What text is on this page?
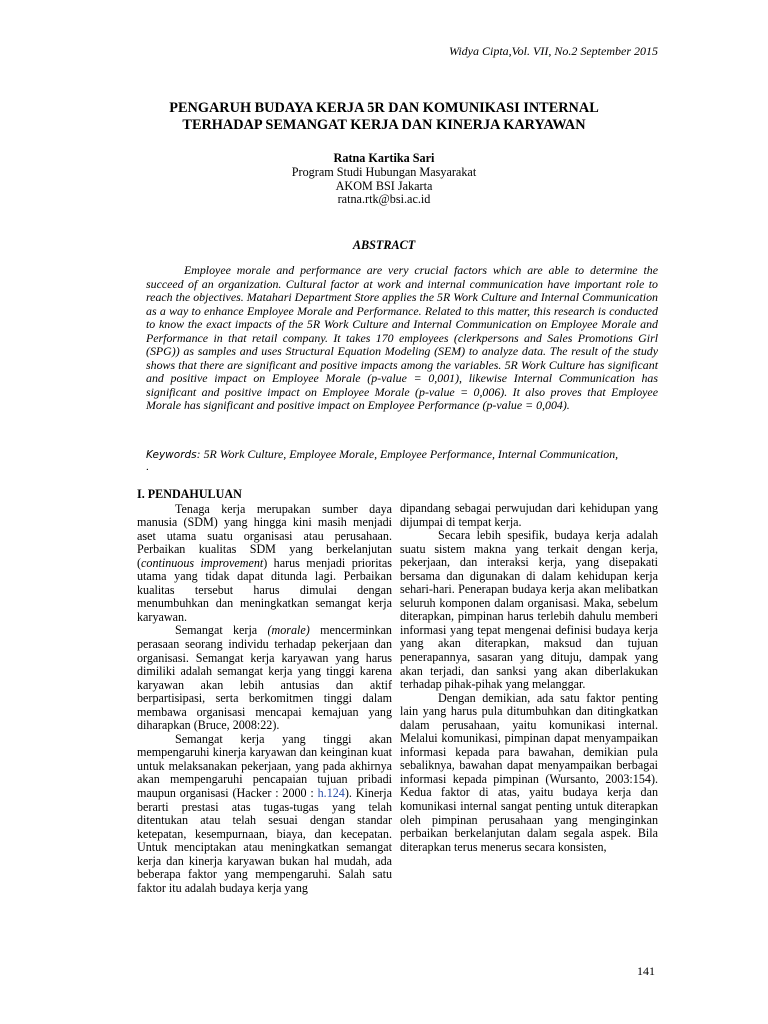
Widya Cipta,Vol. VII, No.2 September 2015
PENGARUH BUDAYA KERJA 5R DAN KOMUNIKASI INTERNAL
TERHADAP SEMANGAT KERJA DAN KINERJA KARYAWAN
Ratna Kartika Sari
Program Studi Hubungan Masyarakat
AKOM BSI Jakarta
ratna.rtk@bsi.ac.id
ABSTRACT

Employee morale and performance are very crucial factors which are able to determine the succeed of an organization. Cultural factor at work and internal communication have important role to reach the objectives. Matahari Department Store applies the 5R Work Culture and Internal Communication as a way to enhance Employee Morale and Performance. Related to this matter, this research is conducted to know the exact impacts of the 5R Work Culture and Internal Communication on Employee Morale and Performance in that retail company. It takes 170 employees (clerkpersons and Sales Promotions Girl (SPG)) as samples and uses Structural Equation Modeling (SEM) to analyze data. The result of the study shows that there are significant and positive impacts among the variables. 5R Work Culture has significant and positive impact on Employee Morale (p-value = 0,001), likewise Internal Communication has significant and positive impact on Employee Morale (p-value = 0,006). It also proves that Employee Morale has significant and positive impact on Employee Performance (p-value = 0,004).

Keywords: 5R Work Culture, Employee Morale, Employee Performance, Internal Communication,
.
I. PENDAHULUAN

Tenaga kerja merupakan sumber daya manusia (SDM) yang hingga kini masih menjadi aset utama suatu organisasi atau perusahaan. Perbaikan kualitas SDM yang berkelanjutan (continuous improvement) harus menjadi prioritas utama yang tidak dapat ditunda lagi. Perbaikan kualitas tersebut harus dimulai dengan menumbuhkan dan meningkatkan semangat kerja karyawan.

Semangat kerja (morale) mencerminkan perasaan seorang individu terhadap pekerjaan dan organisasi. Semangat kerja karyawan yang harus dimiliki adalah semangat kerja yang tinggi karena karyawan akan lebih antusias dan aktif berpartisipasi, serta berkomitmen tinggi dalam membawa organisasi mencapai kemajuan yang diharapkan (Bruce, 2008:22).

Semangat kerja yang tinggi akan mempengaruhi kinerja karyawan dan keinginan kuat untuk melaksanakan pekerjaan, yang pada akhirnya akan mempengaruhi pencapaian tujuan pribadi maupun organisasi (Hacker : 2000 : h.124). Kinerja berarti prestasi atas tugas-tugas yang telah ditentukan atau telah sesuai dengan standar ketepatan, kesempurnaan, biaya, dan kecepatan. Untuk menciptakan atau meningkatkan semangat kerja dan kinerja karyawan bukan hal mudah, ada beberapa faktor yang mempengaruhi. Salah satu faktor itu adalah budaya kerja yang

dipandang sebagai perwujudan dari kehidupan yang dijumpai di tempat kerja.

Secara lebih spesifik, budaya kerja adalah suatu sistem makna yang terkait dengan kerja, pekerjaan, dan interaksi kerja, yang disepakati bersama dan digunakan di dalam kehidupan kerja sehari-hari. Penerapan budaya kerja akan melibatkan seluruh komponen dalam organisasi. Maka, sebelum diterapkan, pimpinan harus terlebih dahulu memberi informasi yang tepat mengenai definisi budaya kerja yang akan diterapkan, maksud dan tujuan penerapannya, sasaran yang dituju, dampak yang akan terjadi, dan sanksi yang akan diberlakukan terhadap pihak-pihak yang melanggar.

Dengan demikian, ada satu faktor penting lain yang harus pula ditumbuhkan dan ditingkatkan dalam perusahaan, yaitu komunikasi internal. Melalui komunikasi, pimpinan dapat menyampaikan informasi kepada para bawahan, demikian pula sebaliknya, bawahan dapat menyampaikan berbagai informasi kepada pimpinan (Wursanto, 2003:154). Kedua faktor di atas, yaitu budaya kerja dan komunikasi internal sangat penting untuk diterapkan oleh pimpinan perusahaan yang menginginkan perbaikan berkelanjutan dalam segala aspek. Bila diterapkan terus menerus secara konsisten,

141
